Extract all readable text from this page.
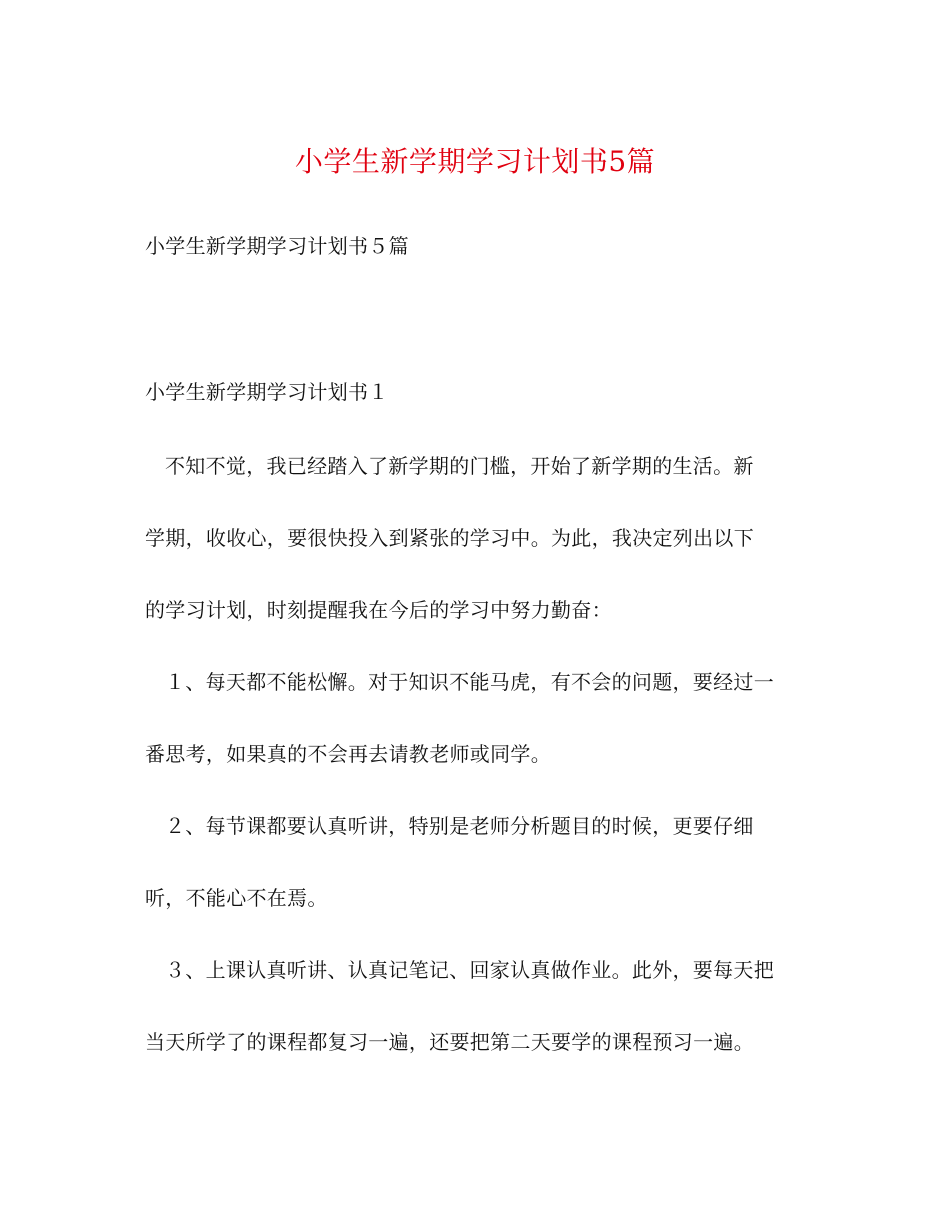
小学生新学期学习计划书5篇
小学生新学期学习计划书５篇
小学生新学期学习计划书１
不知不觉，我已经踏入了新学期的门槛，开始了新学期的生活。新
学期，收收心，要很快投入到紧张的学习中。为此，我决定列出以下
的学习计划，时刻提醒我在今后的学习中努力勤奋：
１、每天都不能松懈。对于知识不能马虎，有不会的问题，要经过一
番思考，如果真的不会再去请教老师或同学。
２、每节课都要认真听讲，特别是老师分析题目的时候，更要仔细
听，不能心不在焉。
３、上课认真听讲、认真记笔记、回家认真做作业。此外，要每天把
当天所学了的课程都复习一遍，还要把第二天要学的课程预习一遍。
